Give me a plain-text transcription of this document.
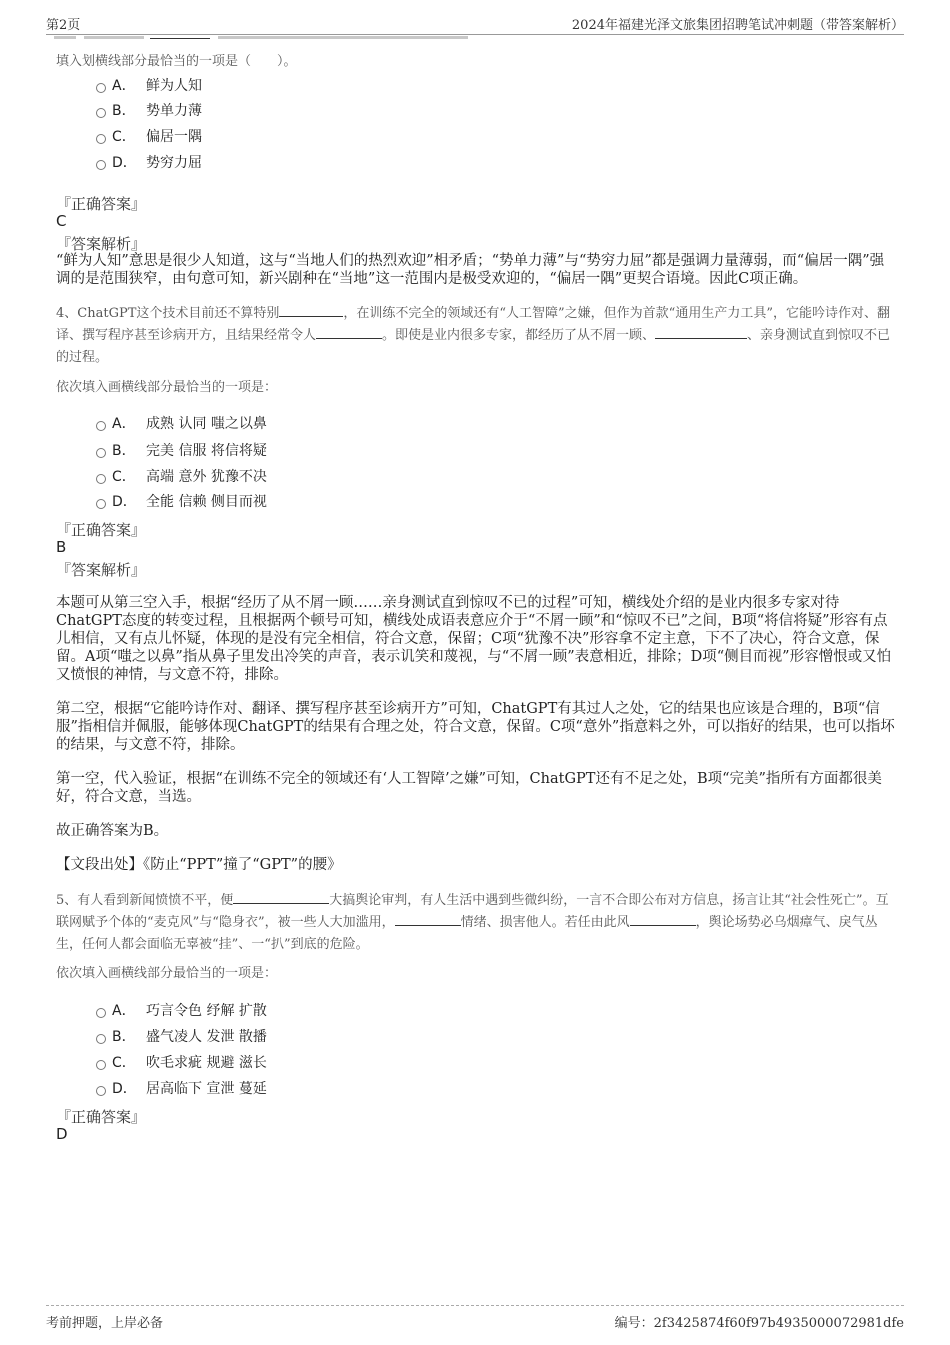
第2页	2024年福建光泽文旅集团招聘笔试冲刺题（带答案解析）
填入划横线部分最恰当的一项是（　　）。
A． 鲜为人知
B． 势单力薄
C． 偏居一隅
D． 势穷力屈
『正确答案』
C
『答案解析』
“鲜为人知”意思是很少人知道，这与“当地人们的热烈欢迎”相矛盾；“势单力薄”与“势穷力屈”都是强调力量薄弱，而“偏居一隅”强调的是范围狭窄，由句意可知，新兴剧种在“当地”这一范围内是极受欢迎的，“偏居一隅”更契合语境。因此C项正确。
4、ChatGPT这个技术目前还不算特别	，在训练不完全的领域还有“人工智障”之嫌，但作为首款“通用生产力工具”，它能吟诗作对、翻译、撰写程序甚至诊病开方，且结果经常令人	。即使是业内很多专家，都经历了从不屑一顾、	、亲身测试直到惊叹不已的过程。
依次填入画横线部分最恰当的一项是：
A． 成熟 认同 嗤之以鼻
B． 完美 信服 将信将疑
C． 高端 意外 犹豫不决
D． 全能 信赖 侧目而视
『正确答案』
B
『答案解析』
本题可从第三空入手，根据“经历了从不屑一顾……亲身测试直到惊叹不已的过程”可知，横线处介绍的是业内很多专家对待ChatGPT态度的转变过程，且根据两个顿号可知，横线处成语表意应介于“不屑一顾”和“惊叹不已”之间，B项“将信将疑”形容有点儿相信，又有点儿怀疑，体现的是没有完全相信，符合文意，保留；C项“犹豫不决”形容拿不定主意，下不了决心，符合文意，保留。A项“嗤之以鼻”指从鼻子里发出冷笑的声音，表示讥笑和蔑视，与“不屑一顾”表意相近，排除；D项“侧目而视”形容憎恨或又怕又愤恨的神情，与文意不符，排除。
第二空，根据“它能吟诗作对、翻译、撰写程序甚至诊病开方”可知，ChatGPT有其过人之处，它的结果也应该是合理的，B项“信服”指相信并佩服，能够体现ChatGPT的结果有合理之处，符合文意，保留。C项“意外”指意料之外，可以指好的结果，也可以指坏的结果，与文意不符，排除。
第一空，代入验证，根据“在训练不完全的领域还有‘人工智障’之嫌”可知，ChatGPT还有不足之处，B项“完美”指所有方面都很美好，符合文意，当选。
故正确答案为B。
【文段出处】《防止“PPT”撞了“GPT”的腰》
5、有人看到新闻愤愤不平，便	大搞舆论审判，有人生活中遇到些微纠纷，一言不合即公布对方信息，扬言让其“社会性死亡”。互联网赋予个体的“麦克风”与“隐身衣”，被一些人大加滥用，	情绪、损害他人。若任由此风	，舆论场势必乌烟瘴气、戾气丛生，任何人都会面临无辜被“挂”、一“扒”到底的危险。
依次填入画横线部分最恰当的一项是：
A． 巧言令色 纾解 扩散
B． 盛气凌人 发泄 散播
C． 吹毛求疵 规避 滋长
D． 居高临下 宣泄 蔓延
『正确答案』
D
考前押题，上岸必备	编号：2f3425874f60f97b4935000072981dfe
